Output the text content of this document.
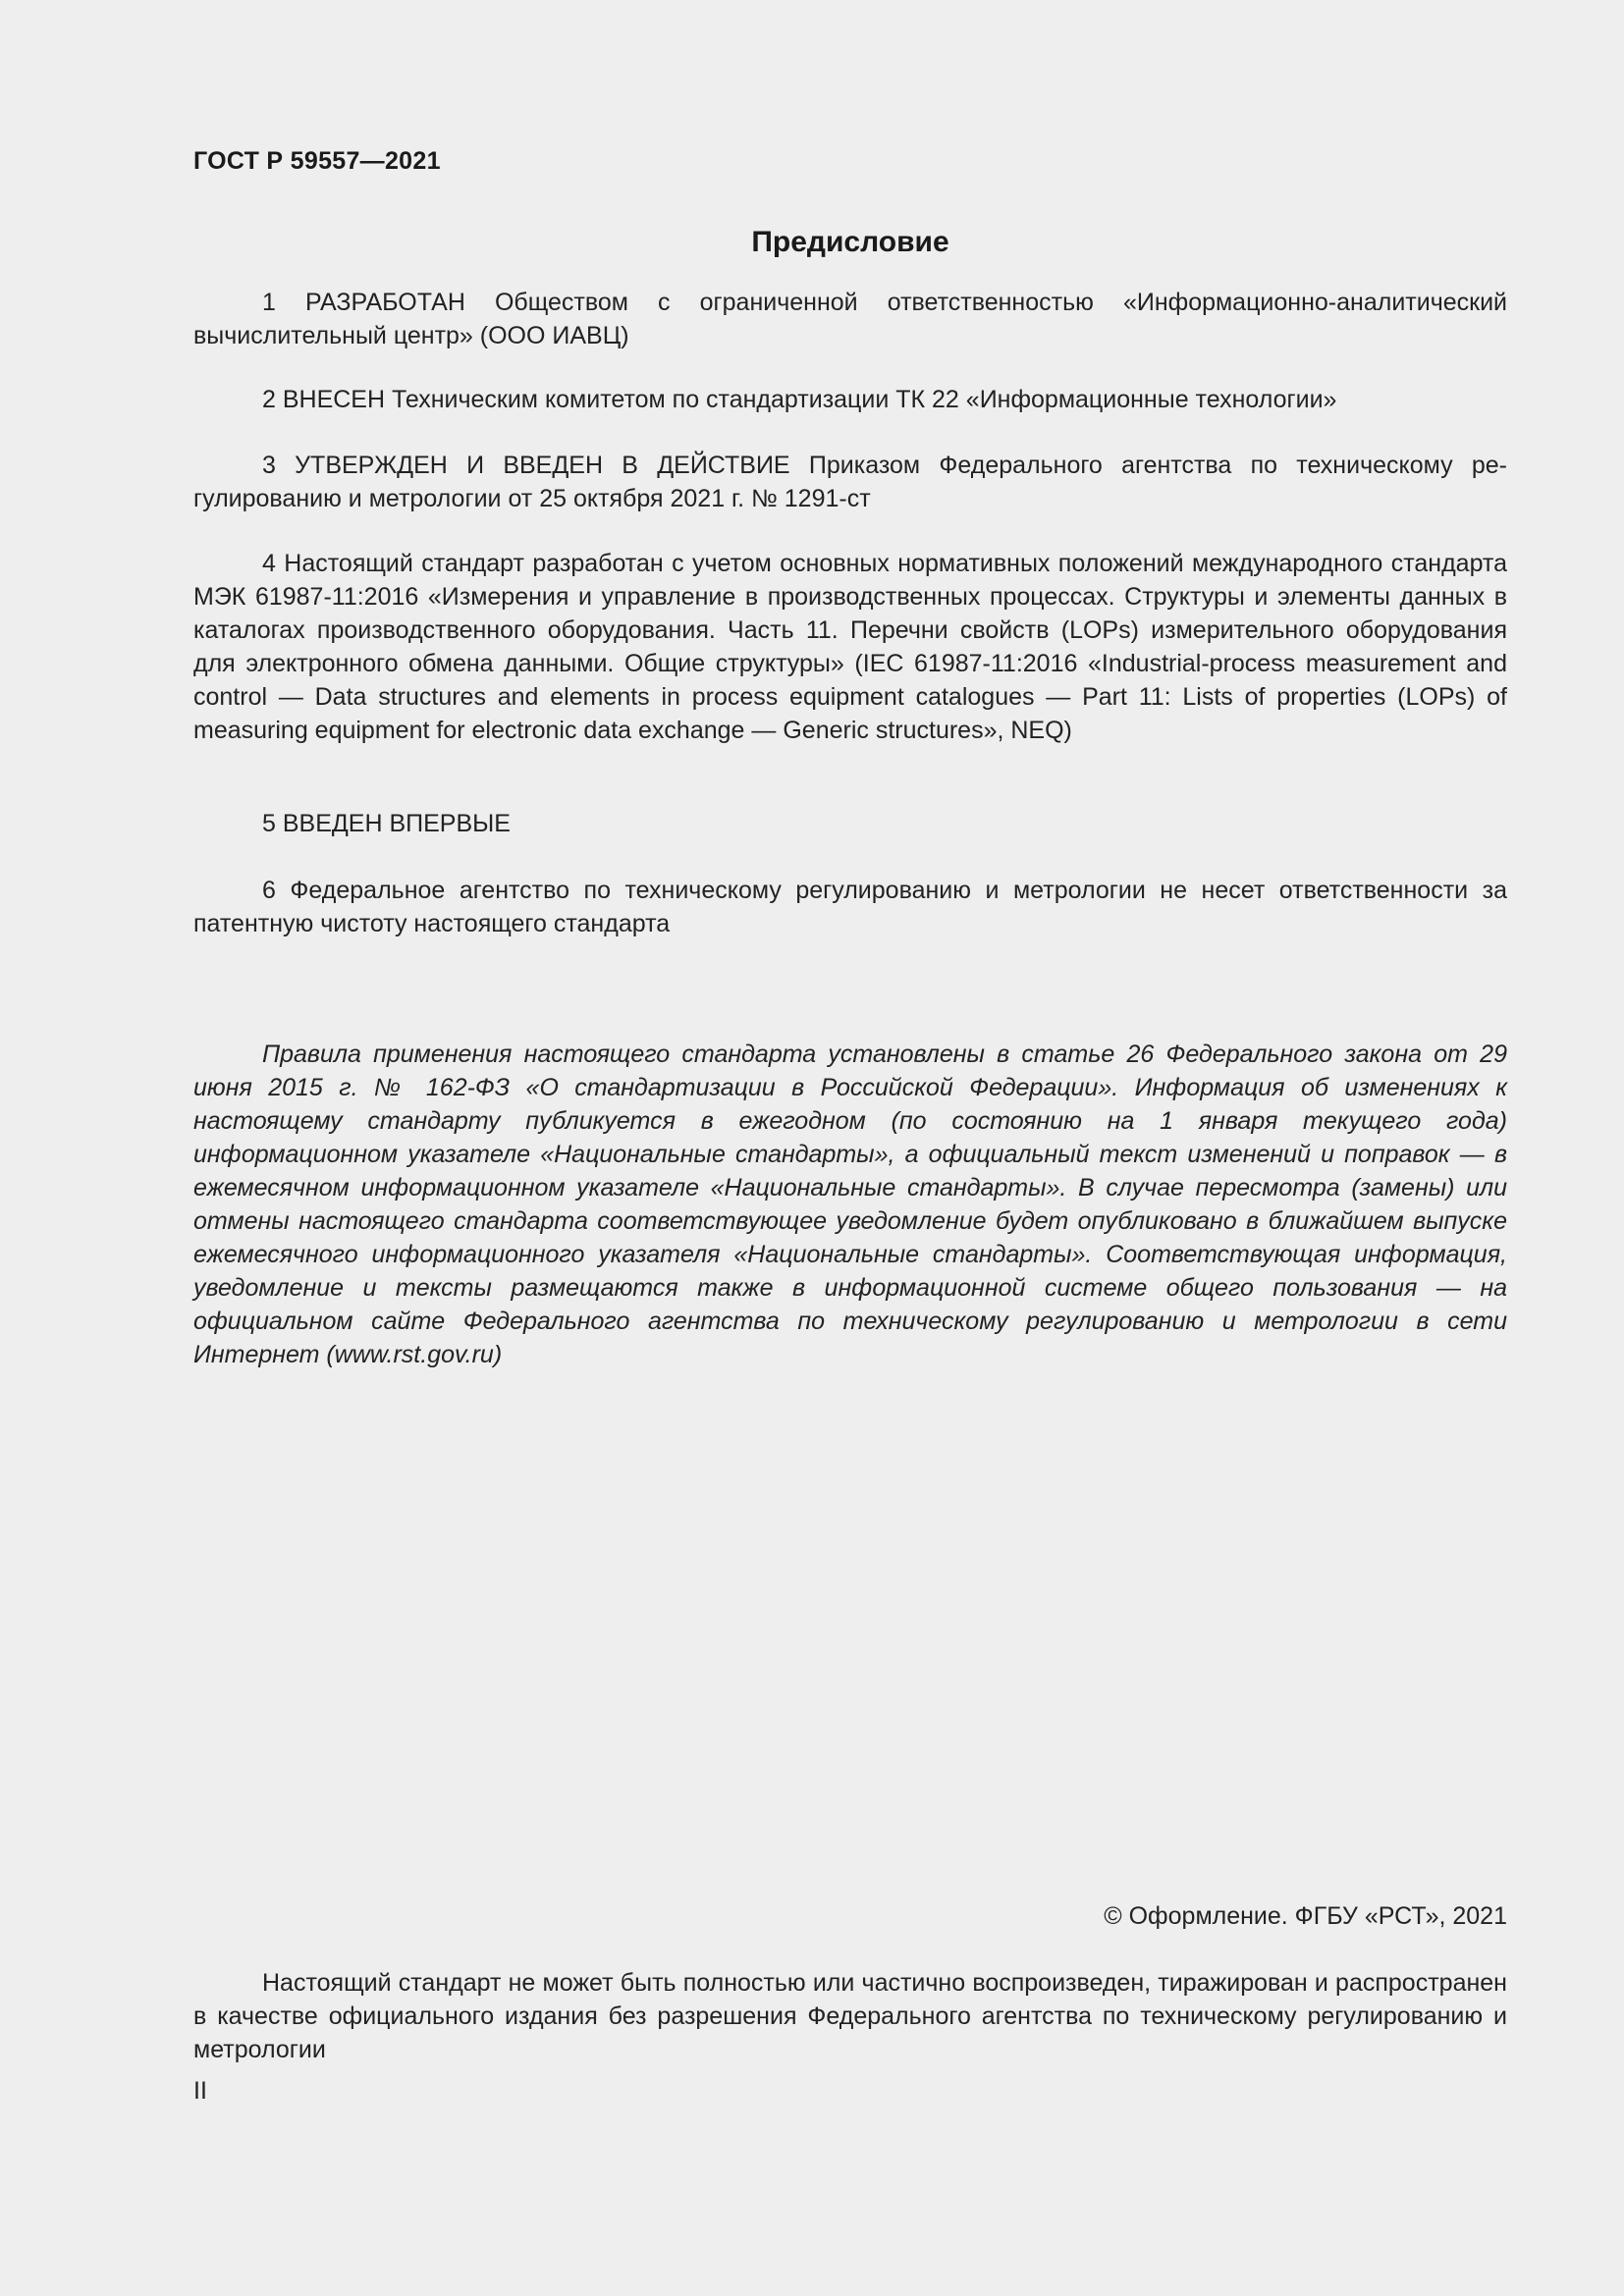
ГОСТ Р 59557—2021
Предисловие

1 РАЗРАБОТАН Обществом с ограниченной ответственностью «Информационно-аналитический вычислительный центр» (ООО ИАВЦ)

2 ВНЕСЕН Техническим комитетом по стандартизации ТК 22 «Информационные технологии»

3 УТВЕРЖДЕН И ВВЕДЕН В ДЕЙСТВИЕ Приказом Федерального агентства по техническому регулированию и метрологии от 25 октября 2021 г. № 1291-ст

4 Настоящий стандарт разработан с учетом основных нормативных положений международного стандарта МЭК 61987-11:2016 «Измерения и управление в производственных процессах. Структуры и элементы данных в каталогах производственного оборудования. Часть 11. Перечни свойств (LOPs) измерительного оборудования для электронного обмена данными. Общие структуры» (IEC 61987-11:2016 «Industrial-process measurement and control — Data structures and elements in process equipment catalogues — Part 11: Lists of properties (LOPs) of measuring equipment for electronic data exchange — Generic structures», NEQ)

5 ВВЕДЕН ВПЕРВЫЕ

6 Федеральное агентство по техническому регулированию и метрологии не несет ответственности за патентную чистоту настоящего стандарта

Правила применения настоящего стандарта установлены в статье 26 Федерального закона от 29 июня 2015 г. № 162-ФЗ «О стандартизации в Российской Федерации». Информация об изменениях к настоящему стандарту публикуется в ежегодном (по состоянию на 1 января текущего года) информационном указателе «Национальные стандарты», а официальный текст изменений и поправок — в ежемесячном информационном указателе «Национальные стандарты». В случае пересмотра (замены) или отмены настоящего стандарта соответствующее уведомление будет опубликовано в ближайшем выпуске ежемесячного информационного указателя «Национальные стандарты». Соответствующая информация, уведомление и тексты размещаются также в информационной системе общего пользования — на официальном сайте Федерального агентства по техническому регулированию и метрологии в сети Интернет (www.rst.gov.ru)

© Оформление. ФГБУ «РСТ», 2021

Настоящий стандарт не может быть полностью или частично воспроизведен, тиражирован и распространен в качестве официального издания без разрешения Федерального агентства по техническому регулированию и метрологии

II
